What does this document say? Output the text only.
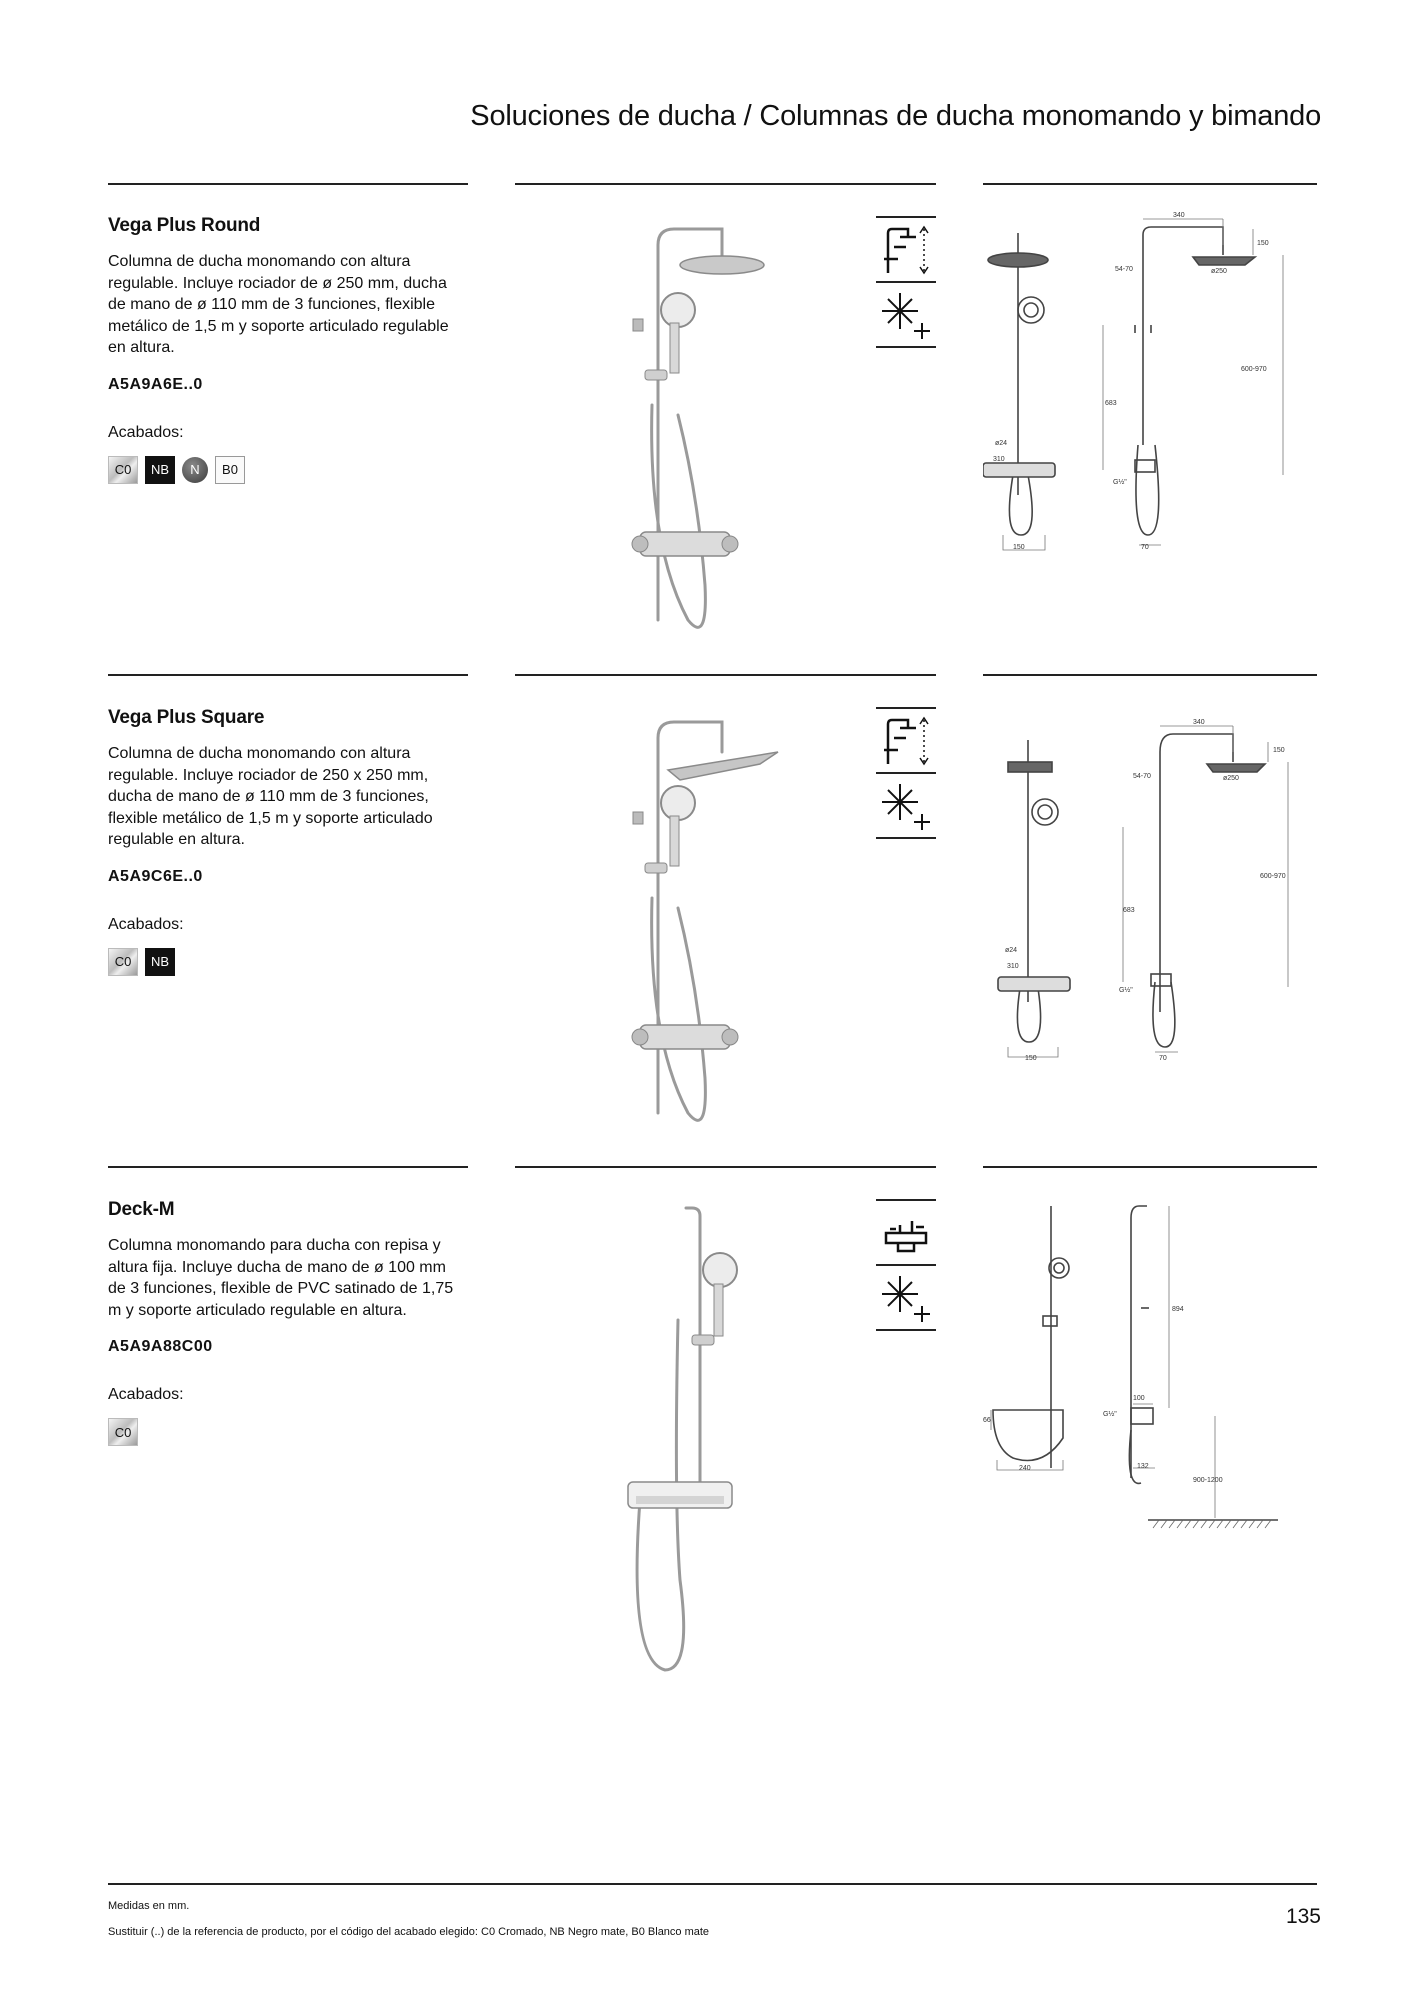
Soluciones de ducha / Columnas de ducha monomando y bimando
Vega Plus Round

Columna de ducha monomando con altura regulable. Incluye rociador de ø 250 mm, ducha de mano de ø 110 mm de 3 funciones, flexible metálico de 1,5 m y soporte articulado regulable en altura.

A5A9A6E..0
Acabados:
C0	NB	N	B0
340
150
ø250
54-70
600-970
683
ø24
310
G½"
150	70
Vega Plus Square

Columna de ducha monomando con altura regulable. Incluye rociador de 250 x 250 mm, ducha de mano de ø 110 mm de 3 funciones, flexible metálico de 1,5 m y soporte articulado regulable en altura.

A5A9C6E..0
Acabados:
C0	NB
340
150
ø250
54-70
600-970
683
ø24
310
G½"
150	70
Deck-M

Columna monomando para ducha con repisa y altura fija. Incluye ducha de mano de ø 100 mm de 3 funciones, flexible de PVC satinado de 1,75 m y soporte articulado regulable en altura.

A5A9A88C00
Acabados:
C0
894
66
240
100
G½"
132
900-1200
Medidas en mm.
Sustituir (..) de la referencia de producto, por el código del acabado elegido: C0 Cromado, NB Negro mate, B0 Blanco mate
135
